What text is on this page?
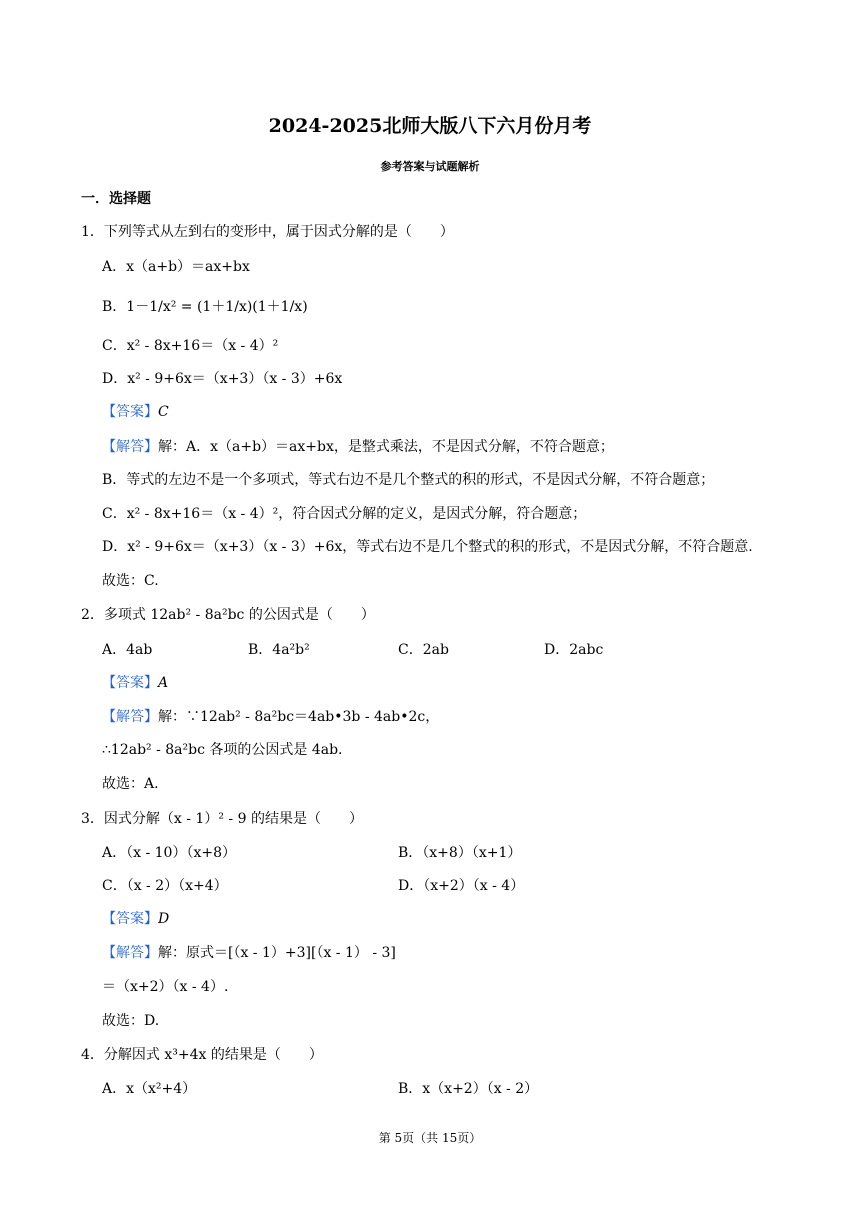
2024-2025北师大版八下六月份月考
参考答案与试题解析
一．选择题
1．下列等式从左到右的变形中，属于因式分解的是（　　）
A．x（a+b）＝ax+bx
B．1－1/x² = (1＋1/x)(1＋1/x)
C．x² - 8x+16＝（x - 4）²
D．x² - 9+6x＝（x+3）（x - 3）+6x
【答案】C
【解答】解：A．x（a+b）＝ax+bx，是整式乘法，不是因式分解，不符合题意；
B．等式的左边不是一个多项式，等式右边不是几个整式的积的形式，不是因式分解，不符合题意；
C．x² - 8x+16＝（x - 4）²，符合因式分解的定义，是因式分解，符合题意；
D．x² - 9+6x＝（x+3）（x - 3）+6x，等式右边不是几个整式的积的形式，不是因式分解，不符合题意.
故选：C.
2．多项式 12ab² - 8a²bc 的公因式是（　　）
A．4ab	B．4a²b²	C．2ab	D．2abc
【答案】A
【解答】解：∵12ab² - 8a²bc＝4ab•3b - 4ab•2c，
∴12ab² - 8a²bc 各项的公因式是 4ab.
故选：A.
3．因式分解（x - 1）² - 9 的结果是（　　）
A．（x - 10）（x+8）	B．（x+8）（x+1）
C．（x - 2）（x+4）	D．（x+2）（x - 4）
【答案】D
【解答】解：原式＝[（x - 1）+3][（x - 1） - 3]
＝（x+2）（x - 4）.
故选：D.
4．分解因式 x³+4x 的结果是（　　）
A．x（x²+4）	B．x（x+2）（x - 2）
第 5页（共 15页）
